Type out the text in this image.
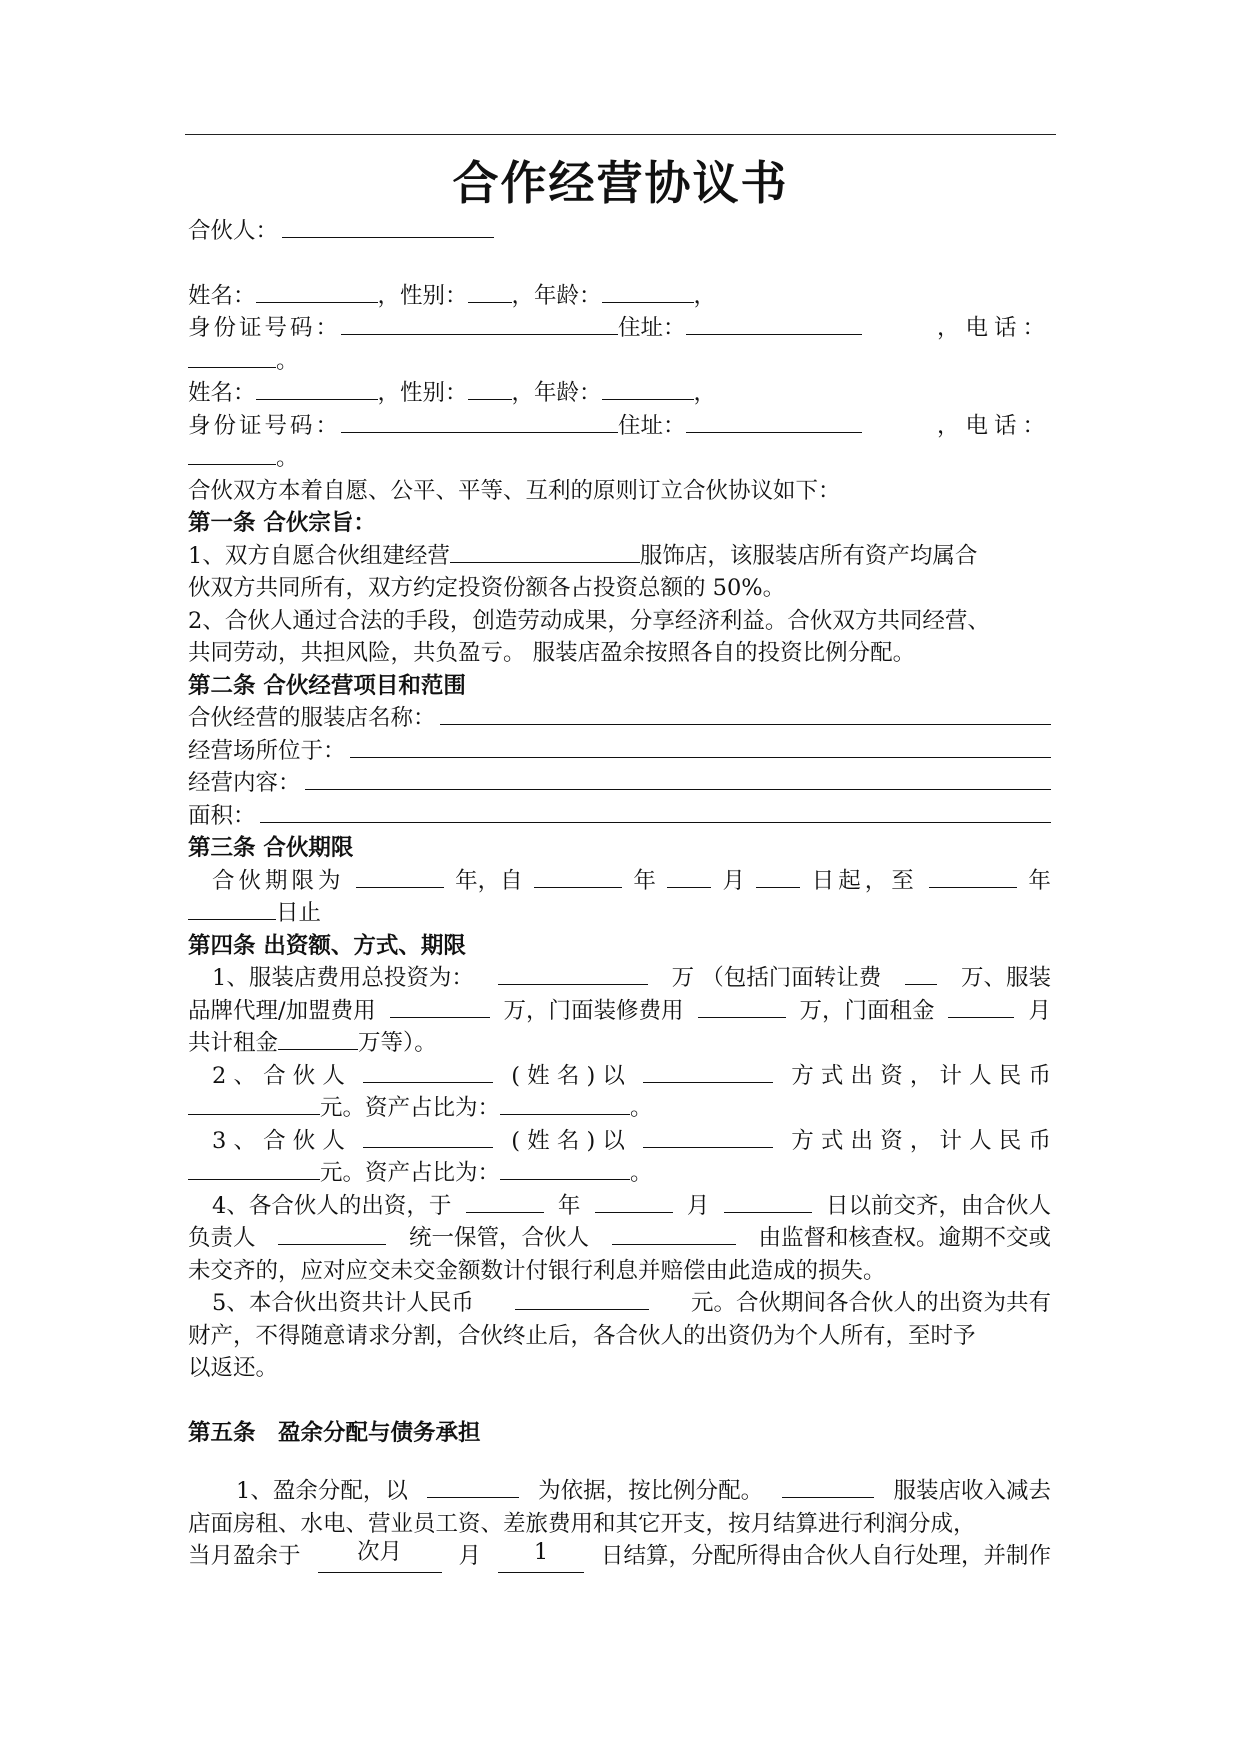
合作经营协议书
合伙人：
姓名：	，性别： ，年龄：	，
身份证号码：	住址：	，电话：
。
姓名：	，性别： ，年龄：	，
身份证号码：	住址：	，电话：
。
合伙双方本着自愿、公平、平等、互利的原则订立合伙协议如下：
第一条 合伙宗旨：
1、双方自愿合伙组建经营	服饰店，该服装店所有资产均属合
伙双方共同所有，双方约定投资份额各占投资总额的 50%。
2、合伙人通过合法的手段，创造劳动成果，分享经济利益。合伙双方共同经营、
共同劳动，共担风险，共负盈亏。 服装店盈余按照各自的投资比例分配。
第二条 合伙经营项目和范围
合伙经营的服装店名称：
经营场所位于：
经营内容：
面积：
第三条 合伙期限
合伙期限为	年，自	年	月	日起，至	年
日止
第四条 出资额、方式、期限
1、服装店费用总投资为：	万 （包括门面转让费	万、服装
品牌代理/加盟费用	万，门面装修费用	万，门面租金	月
共计租金	万等）。
2 、 合 伙 人	( 姓 名 ) 以	方 式 出 资 ， 计 人 民 币
元。资产占比为：	。
3 、 合 伙 人	( 姓 名 ) 以	方 式 出 资 ， 计 人 民 币
元。资产占比为：	。
4、各合伙人的出资，于	年	月	日以前交齐，由合伙人
负责人	统一保管，合伙人	由监督和核查权。逾期不交或
未交齐的，应对应交未交金额数计付银行利息并赔偿由此造成的损失。
5、本合伙出资共计人民币	元。合伙期间各合伙人的出资为共有
财产，不得随意请求分割，合伙终止后，各合伙人的出资仍为个人所有，至时予
以返还。
第五条　盈余分配与债务承担
1、盈余分配，以	为依据，按比例分配。	服装店收入减去
店面房租、水电、营业员工资、差旅费用和其它开支，按月结算进行利润分成，
当月盈余于	次月	月	1	日结算，分配所得由合伙人自行处理，并制作
